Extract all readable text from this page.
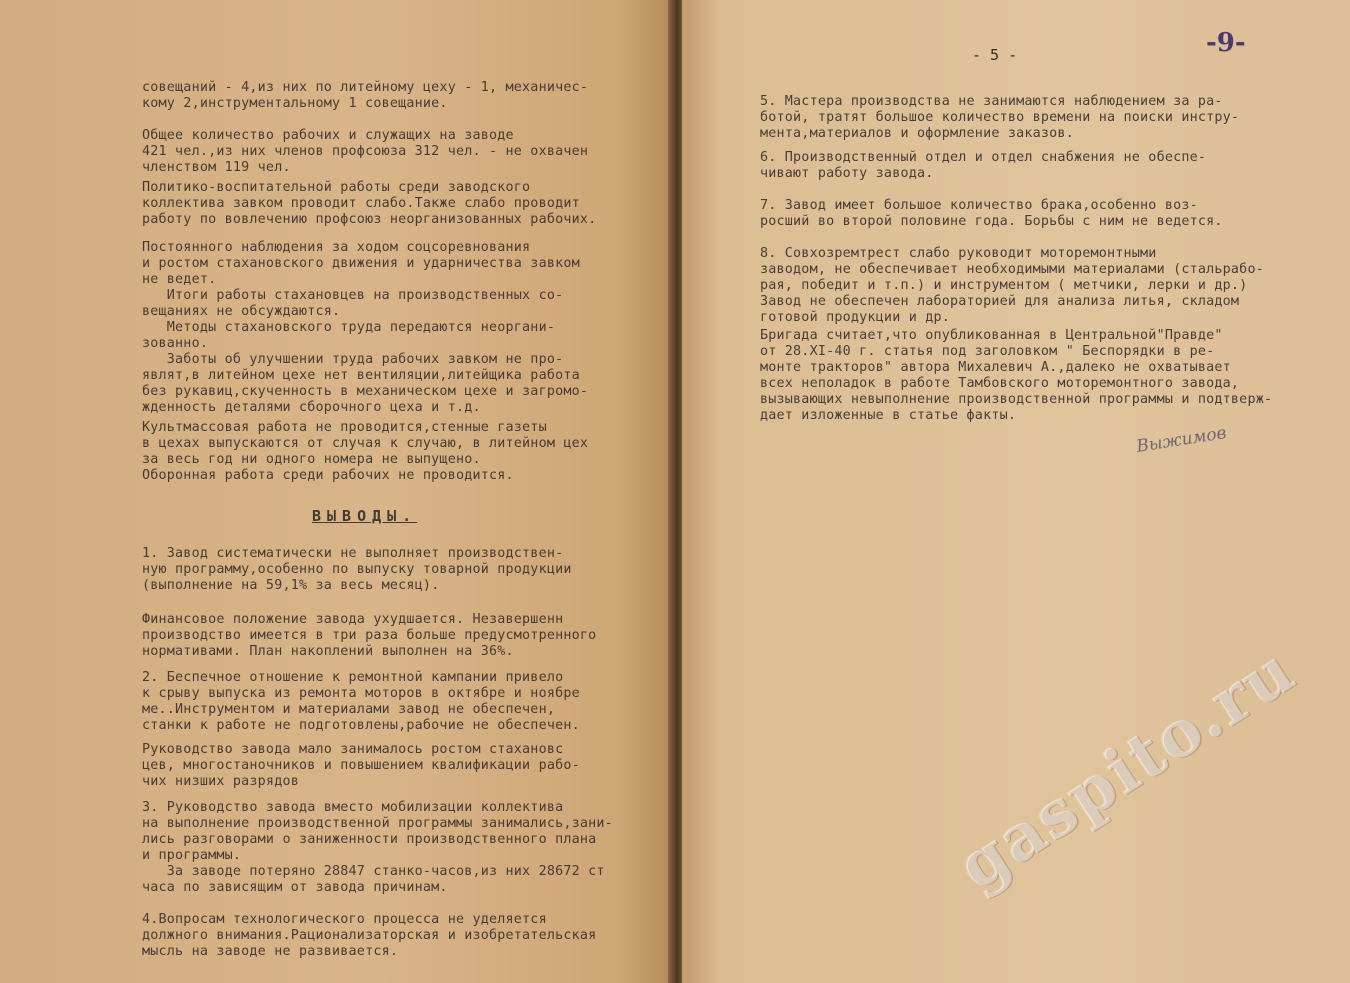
совещаний - 4,из них по литейному цеху - 1, механичес-
кому 2,инструментальному 1 совещание.
Общее количество рабочих и служащих на заводе
421 чел.,из них членов профсоюза 312 чел. - не охвачен
членством 119 чел.
Политико-воспитательной работы среди заводского
коллектива завком проводит слабо.Также слабо проводит
работу по вовлечению профсоюз неорганизованных рабочих.
Постоянного наблюдения за ходом соцсоревнования
и ростом стахановского движения и ударничества завком
не ведет.
Итоги работы стахановцев на производственных со-
вещаниях не обсуждаются.
Методы стахановского труда передаются неоргани-
зованно.
Заботы об улучшении труда рабочих завком не про-
являт,в литейном цехе нет вентиляции,литейщика работа
без рукавиц,скученность в механическом цехе и загромо-
жденность деталями сборочного цеха и т.д.
Культмассовая работа не проводится,стенные газеты
в цехах выпускаются от случая к случаю, в литейном цех
за весь год ни одного номера не выпущено.
Оборонная работа среди рабочих не проводится.
ВЫВОДЫ.
1. Завод систематически не выполняет производствен-
ную программу,особенно по выпуску товарной продукции
(выполнение на 59,1% за весь месяц).
Финансовое положение завода ухудшается. Незавершенн
производство имеется в три раза больше предусмотренного
нормативами. План накоплений выполнен на 36%.
2. Беспечное отношение к ремонтной кампании привело
к срыву выпуска из ремонта моторов в октябре и ноябре
ме..Инструментом и материалами завод не обеспечен,
станки к работе не подготовлены,рабочие не обеспечен.
Руководство завода мало занималось ростом стахановс
цев, многостаночников и повышением квалификации рабо-
чих низших разрядов
3. Руководство завода вместо мобилизации коллектива
на выполнение производственной программы занимались,зани-
лись разговорами о заниженности производственного плана
и программы.
За заводе потеряно 28847 станко-часов,из них 28672 ст
часа по зависящим от завода причинам.
4.Вопросам технологического процесса не уделяется
должного внимания.Рационализаторская и изобретательская
мысль на заводе не развивается.
5. Мастера производства не занимаются наблюдением за ра-
ботой, тратят большое количество времени на поиски инстру-
мента,материалов и оформление заказов.
6. Производственный отдел и отдел снабжения не обеспе-
чивают работу завода.
7. Завод имеет большое количество брака,особенно воз-
росший во второй половине года. Борьбы с ним не ведется.
8. Совхозремтрест слабо руководит моторемонтными
заводом, не обеспечивает необходимыми материалами (стальрабо-
рая, победит и т.п.) и инструментом ( метчики, лерки и др.)
Завод не обеспечен лабораторией для анализа литья, складом
готовой продукции и др.
Бригада считает,что опубликованная в Центральной"Правде"
от 28.XI-40 г. статья под заголовком " Беспорядки в ре-
монте тракторов" автора Михалевич А.,далеко не охватывает
всех неполадок в работе Тамбовского моторемонтного завода,
вызывающих невыполнение производственной программы и подтверж-
дает изложенные в статье факты.
- 5 -	-9-
Выжимов
gaspito.ru
